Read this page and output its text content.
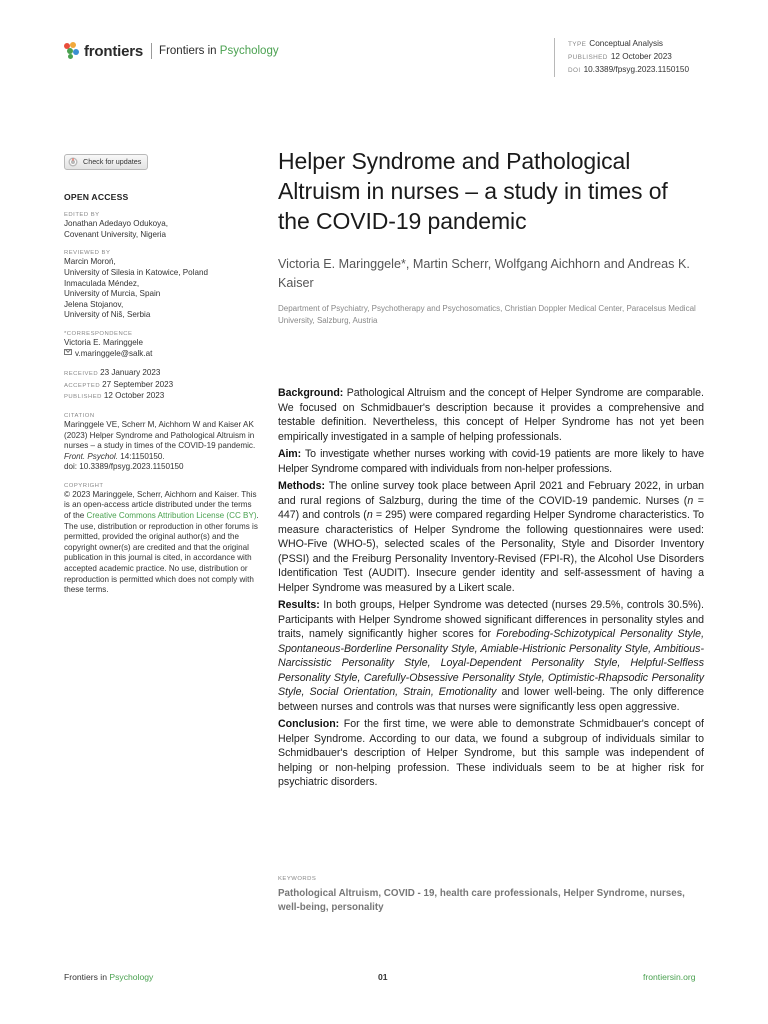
frontiers Frontiers in Psychology
TYPE Conceptual Analysis
PUBLISHED 12 October 2023
DOI 10.3389/fpsyg.2023.1150150
Check for updates
OPEN ACCESS
EDITED BY
Jonathan Adedayo Odukoya,
Covenant University, Nigeria
REVIEWED BY
Marcin Moroń,
University of Silesia in Katowice, Poland
Inmaculada Méndez,
University of Murcia, Spain
Jelena Stojanov,
University of Niš, Serbia
*CORRESPONDENCE
Victoria E. Maringgele
v.maringgele@salk.at
RECEIVED 23 January 2023
ACCEPTED 27 September 2023
PUBLISHED 12 October 2023
CITATION
Maringgele VE, Scherr M, Aichhorn W and Kaiser AK (2023) Helper Syndrome and Pathological Altruism in nurses – a study in times of the COVID-19 pandemic.
Front. Psychol. 14:1150150.
doi: 10.3389/fpsyg.2023.1150150
COPYRIGHT
© 2023 Maringgele, Scherr, Aichhorn and Kaiser. This is an open-access article distributed under the terms of the Creative Commons Attribution License (CC BY). The use, distribution or reproduction in other forums is permitted, provided the original author(s) and the copyright owner(s) are credited and that the original publication in this journal is cited, in accordance with accepted academic practice. No use, distribution or reproduction is permitted which does not comply with these terms.
Helper Syndrome and Pathological Altruism in nurses – a study in times of the COVID-19 pandemic
Victoria E. Maringgele*, Martin Scherr, Wolfgang Aichhorn and Andreas K. Kaiser
Department of Psychiatry, Psychotherapy and Psychosomatics, Christian Doppler Medical Center, Paracelsus Medical University, Salzburg, Austria

Background: Pathological Altruism and the concept of Helper Syndrome are comparable. We focused on Schmidbauer's description because it provides a comprehensive and testable definition. Nevertheless, this concept of Helper Syndrome has not yet been empirically investigated in a sample of helping professionals.

Aim: To investigate whether nurses working with covid-19 patients are more likely to have Helper Syndrome compared with individuals from non-helper professions.

Methods: The online survey took place between April 2021 and February 2022, in urban and rural regions of Salzburg, during the time of the COVID-19 pandemic. Nurses (n = 447) and controls (n = 295) were compared regarding Helper Syndrome characteristics. To measure characteristics of Helper Syndrome the following questionnaires were used: WHO-Five (WHO-5), selected scales of the Personality, Style and Disorder Inventory (PSSI) and the Freiburg Personality Inventory-Revised (FPI-R), the Alcohol Use Disorders Identification Test (AUDIT). Insecure gender identity and self-assessment of having a Helper Syndrome was measured by a Likert scale.

Results: In both groups, Helper Syndrome was detected (nurses 29.5%, controls 30.5%). Participants with Helper Syndrome showed significant differences in personality styles and traits, namely significantly higher scores for Foreboding-Schizotypical Personality Style, Spontaneous-Borderline Personality Style, Amiable-Histrionic Personality Style, Ambitious-Narcissistic Personality Style, Loyal-Dependent Personality Style, Helpful-Selfless Personality Style, Carefully-Obsessive Personality Style, Optimistic-Rhapsodic Personality Style, Social Orientation, Strain, Emotionality and lower well-being. The only difference between nurses and controls was that nurses were significantly less open aggressive.

Conclusion: For the first time, we were able to demonstrate Schmidbauer's concept of Helper Syndrome. According to our data, we found a subgroup of individuals similar to Schmidbauer's description of Helper Syndrome, but this sample was independent of helping or non-helping profession. These individuals seem to be at higher risk for psychiatric disorders.

KEYWORDS
Pathological Altruism, COVID - 19, health care professionals, Helper Syndrome, nurses, well-being, personality
Frontiers in Psychology	01	frontiersin.org
